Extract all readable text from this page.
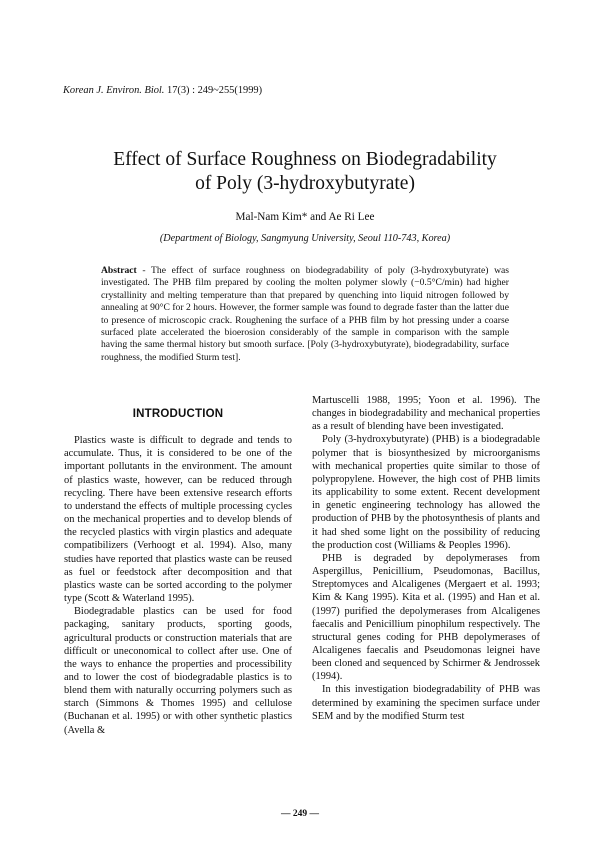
Korean J. Environ. Biol. 17(3) : 249~255(1999)
Effect of Surface Roughness on Biodegradability
of Poly (3-hydroxybutyrate)
Mal-Nam Kim* and Ae Ri Lee
(Department of Biology, Sangmyung University, Seoul 110-743, Korea)
Abstract - The effect of surface roughness on biodegradability of poly (3-hydroxybutyrate) was investigated. The PHB film prepared by cooling the molten polymer slowly (−0.5°C/min) had higher crystallinity and melting temperature than that prepared by quenching into liquid nitrogen followed by annealing at 90°C for 2 hours. However, the former sample was found to degrade faster than the latter due to presence of microscopic crack. Roughening the surface of a PHB film by hot pressing under a coarse surfaced plate accelerated the bioerosion considerably of the sample in comparison with the sample having the same thermal history but smooth surface. [Poly (3-hydroxybutyrate), biodegradability, surface roughness, the modified Sturm test].
INTRODUCTION

Plastics waste is difficult to degrade and tends to accumulate. Thus, it is considered to be one of the important pollutants in the environment. The amount of plastics waste, however, can be reduced through recycling. There have been extensive research efforts to understand the effects of multiple processing cycles on the mechanical properties and to develop blends of the recycled plastics with virgin plastics and adequate compatibilizers (Verhoogt et al. 1994). Also, many studies have reported that plastics waste can be reused as fuel or feedstock after decomposition and that plastics waste can be sorted according to the polymer type (Scott & Waterland 1995).

Biodegradable plastics can be used for food packaging, sanitary products, sporting goods, agricultural products or construction materials that are difficult or uneconomical to collect after use. One of the ways to enhance the properties and processibility and to lower the cost of biodegradable plastics is to blend them with naturally occurring polymers such as starch (Simmons & Thomes 1995) and cellulose (Buchanan et al. 1995) or with other synthetic plastics (Avella &

Martuscelli 1988, 1995; Yoon et al. 1996). The changes in biodegradability and mechanical properties as a result of blending have been investigated.

Poly (3-hydroxybutyrate) (PHB) is a biodegradable polymer that is biosynthesized by microorganisms with mechanical properties quite similar to those of polypropylene. However, the high cost of PHB limits its applicability to some extent. Recent development in genetic engineering technology has allowed the production of PHB by the photosynthesis of plants and it had shed some light on the possibility of reducing the production cost (Williams & Peoples 1996).

PHB is degraded by depolymerases from Aspergillus, Penicillium, Pseudomonas, Bacillus, Streptomyces and Alcaligenes (Mergaert et al. 1993; Kim & Kang 1995). Kita et al. (1995) and Han et al. (1997) purified the depolymerases from Alcaligenes faecalis and Penicillium pinophilum respectively. The structural genes coding for PHB depolymerases of Alcaligenes faecalis and Pseudomonas leignei have been cloned and sequenced by Schirmer & Jendrossek (1994).

In this investigation biodegradability of PHB was determined by examining the specimen surface under SEM and by the modified Sturm test

— 249 —
